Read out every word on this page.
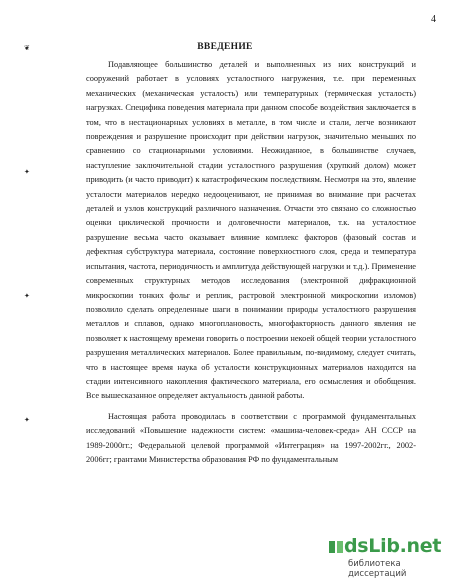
4
ВВЕДЕНИЕ

Подавляющее большинство деталей и выполненных из них конструкций и сооружений работает в условиях усталостного нагружения, т.е. при переменных механических (механическая усталость) или температурных (термическая усталость) нагрузках. Специфика поведения материала при данном способе воздействия заключается в том, что в нестационарных условиях в металле, в том числе и стали, легче возникают повреждения и разрушение происходит при действии нагрузок, значительно меньших по сравнению со стационарными условиями. Неожиданное, в большинстве случаев, наступление заключительной стадии усталостного разрушения (хрупкий долом) может приводить (и часто приводит) к катастрофическим последствиям. Несмотря на это, явление усталости материалов нередко недооценивают, не принимая во внимание при расчетах деталей и узлов конструкций различного назначения. Отчасти это связано со сложностью оценки циклической прочности и долговечности материалов, т.к. на усталостное разрушение весьма часто оказывает влияние комплекс факторов (фазовый состав и дефектная субструктура материала, состояние поверхностного слоя, среда и температура испытания, частота, периодичность и амплитуда действующей нагрузки и т.д.). Применение современных структурных методов исследования (электронной дифракционной микроскопии тонких фольг и реплик, растровой электронной микроскопии изломов) позволило сделать определенные шаги в понимании природы усталостного разрушения металлов и сплавов, однако многоплановость, многофакторность данного явления не позволяет к настоящему времени говорить о построении некоей общей теории усталостного разрушения металлических материалов. Более правильным, по-видимому, следует считать, что в настоящее время наука об усталости конструкционных материалов находится на стадии интенсивного накопления фактического материала, его осмысления и обобщения. Все вышесказанное определяет актуальность данной работы.

Настоящая работа проводилась в соответствии с программой фундаментальных исследований «Повышение надежности систем: «машина-человек-среда» АН СССР на 1989-2000гг.; Федеральной целевой программой «Интеграция» на 1997-2002гг., 2002-2006гг; грантами Министерства образования РФ по фундаментальным

❦
✦
✦
✦
dsLib.net
библиотека диссертаций
